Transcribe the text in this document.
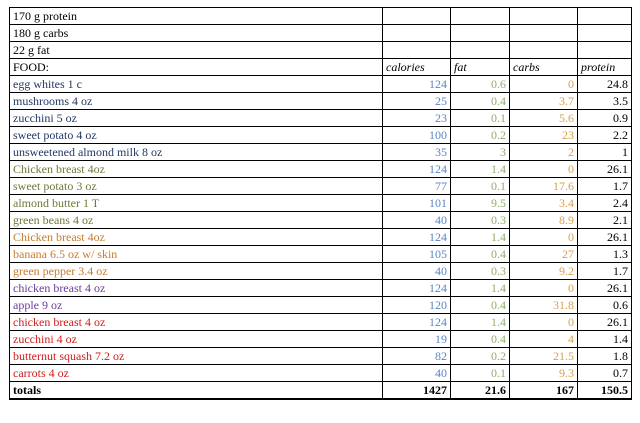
170 g protein				
180 g carbs				
22 g fat				
FOOD:	calories	fat	carbs	protein
egg whites 1 c	124	0.6	0	24.8
mushrooms 4 oz	25	0.4	3.7	3.5
zucchini 5 oz	23	0.1	5.6	0.9
sweet potato 4 oz	100	0.2	23	2.2
unsweetened almond milk 8 oz	35	3	2	1
Chicken breast 4oz	124	1.4	0	26.1
sweet potato 3 oz	77	0.1	17.6	1.7
almond butter 1 T	101	9.5	3.4	2.4
green beans 4 oz	40	0.3	8.9	2.1
Chicken breast 4oz	124	1.4	0	26.1
banana 6.5 oz w/ skin	105	0.4	27	1.3
green pepper 3.4 oz	40	0.3	9.2	1.7
chicken breast 4 oz	124	1.4	0	26.1
apple 9 oz	120	0.4	31.8	0.6
chicken breast 4 oz	124	1.4	0	26.1
zucchini 4 oz	19	0.4	4	1.4
butternut squash 7.2 oz	82	0.2	21.5	1.8
carrots 4 oz	40	0.1	9.3	0.7
totals	1427	21.6	167	150.5
